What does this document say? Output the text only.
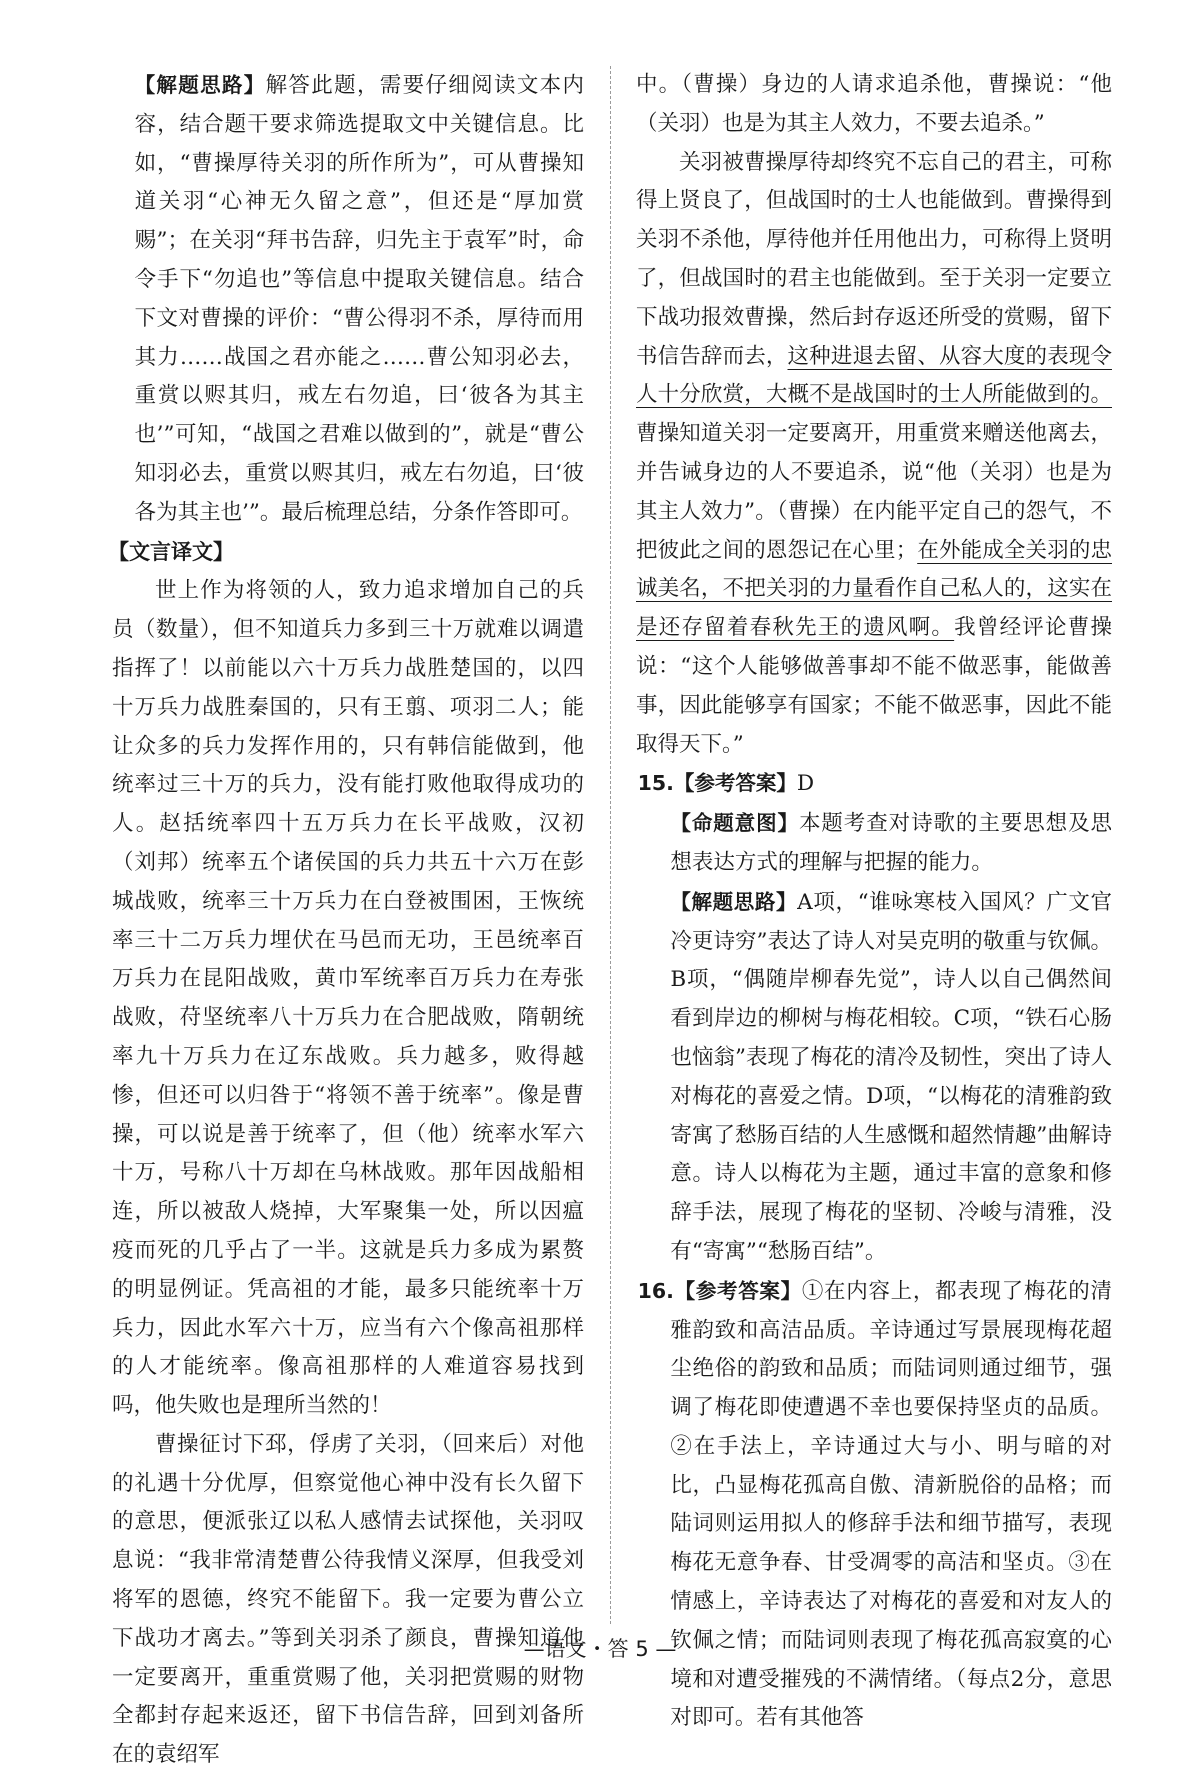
【解题思路】解答此题，需要仔细阅读文本内容，结合题干要求筛选提取文中关键信息。比如，“曹操厚待关羽的所作所为”，可从曹操知道关羽“心神无久留之意”，但还是“厚加赏赐”；在关羽“拜书告辞，归先主于袁军”时，命令手下“勿追也”等信息中提取关键信息。结合下文对曹操的评价：“曹公得羽不杀，厚待而用其力……战国之君亦能之……曹公知羽必去，重赏以赆其归，戒左右勿追，曰‘彼各为其主也’”可知，“战国之君难以做到的”，就是“曹公知羽必去，重赏以赆其归，戒左右勿追，曰‘彼各为其主也’”。最后梳理总结，分条作答即可。

【文言译文】

世上作为将领的人，致力追求增加自己的兵员（数量），但不知道兵力多到三十万就难以调遣指挥了！以前能以六十万兵力战胜楚国的，以四十万兵力战胜秦国的，只有王翦、项羽二人；能让众多的兵力发挥作用的，只有韩信能做到，他统率过三十万的兵力，没有能打败他取得成功的人。赵括统率四十五万兵力在长平战败，汉初（刘邦）统率五个诸侯国的兵力共五十六万在彭城战败，统率三十万兵力在白登被围困，王恢统率三十二万兵力埋伏在马邑而无功，王邑统率百万兵力在昆阳战败，黄巾军统率百万兵力在寿张战败，苻坚统率八十万兵力在合肥战败，隋朝统率九十万兵力在辽东战败。兵力越多，败得越惨，但还可以归咎于“将领不善于统率”。像是曹操，可以说是善于统率了，但（他）统率水军六十万，号称八十万却在乌林战败。那年因战船相连，所以被敌人烧掉，大军聚集一处，所以因瘟疫而死的几乎占了一半。这就是兵力多成为累赘的明显例证。凭高祖的才能，最多只能统率十万兵力，因此水军六十万，应当有六个像高祖那样的人才能统率。像高祖那样的人难道容易找到吗，他失败也是理所当然的！

曹操征讨下邳，俘虏了关羽，（回来后）对他的礼遇十分优厚，但察觉他心神中没有长久留下的意思，便派张辽以私人感情去试探他，关羽叹息说：“我非常清楚曹公待我情义深厚，但我受刘将军的恩德，终究不能留下。我一定要为曹公立下战功才离去。”等到关羽杀了颜良，曹操知道他一定要离开，重重赏赐了他，关羽把赏赐的财物全都封存起来返还，留下书信告辞，回到刘备所在的袁绍军

中。（曹操）身边的人请求追杀他，曹操说：“他（关羽）也是为其主人效力，不要去追杀。”

关羽被曹操厚待却终究不忘自己的君主，可称得上贤良了，但战国时的士人也能做到。曹操得到关羽不杀他，厚待他并任用他出力，可称得上贤明了，但战国时的君主也能做到。至于关羽一定要立下战功报效曹操，然后封存返还所受的赏赐，留下书信告辞而去，这种进退去留、从容大度的表现令人十分欣赏，大概不是战国时的士人所能做到的。曹操知道关羽一定要离开，用重赏来赠送他离去，并告诫身边的人不要追杀，说“他（关羽）也是为其主人效力”。（曹操）在内能平定自己的怨气，不把彼此之间的恩怨记在心里；在外能成全关羽的忠诚美名，不把关羽的力量看作自己私人的，这实在是还存留着春秋先王的遗风啊。我曾经评论曹操说：“这个人能够做善事却不能不做恶事，能做善事，因此能够享有国家；不能不做恶事，因此不能取得天下。”

15.【参考答案】D

【命题意图】本题考查对诗歌的主要思想及思想表达方式的理解与把握的能力。

【解题思路】A项，“谁咏寒枝入国风？广文官冷更诗穷”表达了诗人对吴克明的敬重与钦佩。B项，“偶随岸柳春先觉”，诗人以自己偶然间看到岸边的柳树与梅花相较。C项，“铁石心肠也恼翁”表现了梅花的清冷及韧性，突出了诗人对梅花的喜爱之情。D项，“以梅花的清雅韵致寄寓了愁肠百结的人生感慨和超然情趣”曲解诗意。诗人以梅花为主题，通过丰富的意象和修辞手法，展现了梅花的坚韧、冷峻与清雅，没有“寄寓”“愁肠百结”。

16.【参考答案】①在内容上，都表现了梅花的清雅韵致和高洁品质。辛诗通过写景展现梅花超尘绝俗的韵致和品质；而陆词则通过细节，强调了梅花即使遭遇不幸也要保持坚贞的品质。②在手法上，辛诗通过大与小、明与暗的对比，凸显梅花孤高自傲、清新脱俗的品格；而陆词则运用拟人的修辞手法和细节描写，表现梅花无意争春、甘受凋零的高洁和坚贞。③在情感上，辛诗表达了对梅花的喜爱和对友人的钦佩之情；而陆词则表现了梅花孤高寂寞的心境和对遭受摧残的不满情绪。（每点2分，意思对即可。若有其他答

—语文・答 5 —
